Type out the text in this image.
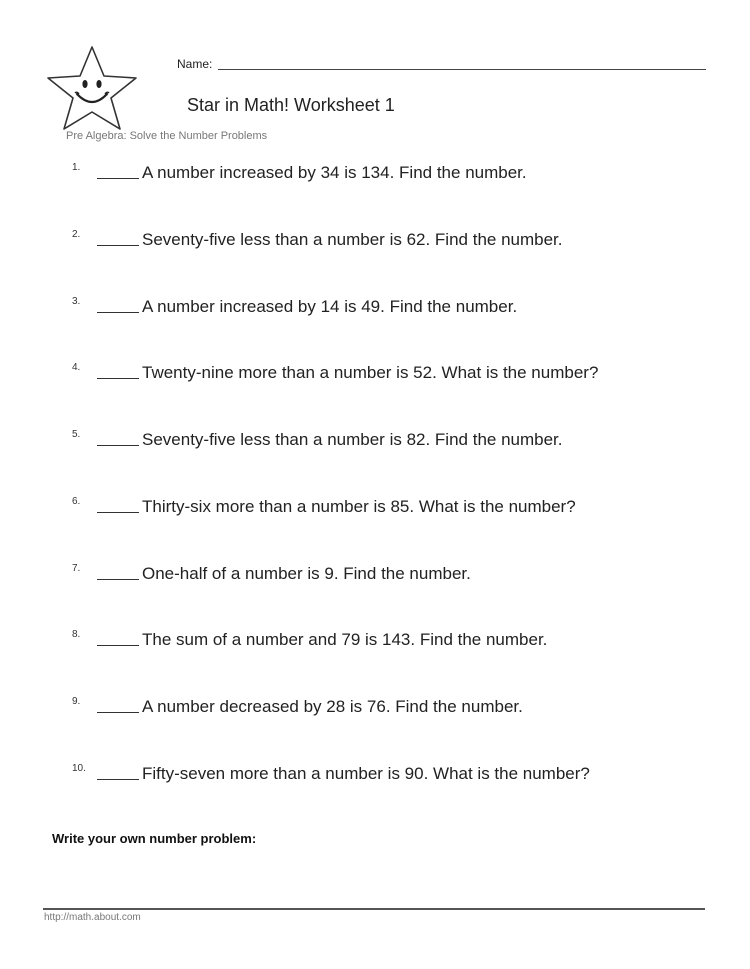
Name:
Star in Math! Worksheet 1
Pre Algebra: Solve the Number Problems
1.	A number increased by 34 is 134. Find the number.
2.	Seventy-five less than a number is 62. Find the number.
3.	A number increased by 14 is 49. Find the number.
4.	Twenty-nine more than a number is 52. What is the number?
5.	Seventy-five less than a number is 82. Find the number.
6.	Thirty-six more than a number is 85. What is the number?
7.	One-half of a number is 9. Find the number.
8.	The sum of a number and 79 is 143. Find the number.
9.	A number decreased by 28 is 76. Find the number.
10.	Fifty-seven more than a number is 90. What is the number?
Write your own number problem:
http://math.about.com
